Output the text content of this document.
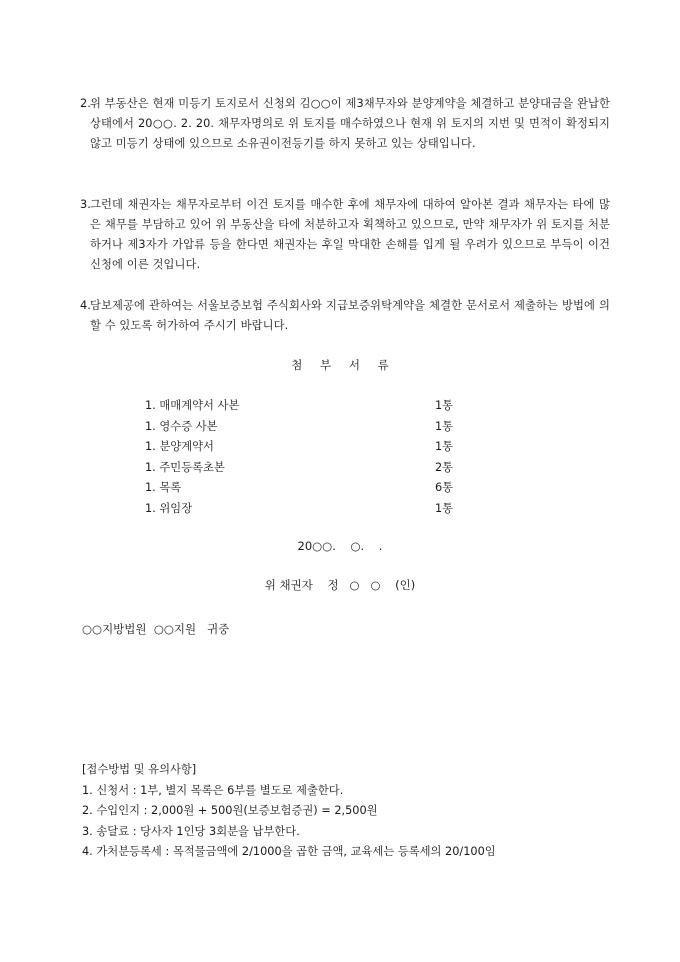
2.위 부동산은 현재 미등기 토지로서 신청외 김○○이 제3채무자와 분양계약을 체결하고 분양대금을 완납한 상태에서 20○○. 2. 20. 채무자명의로 위 토지를 매수하였으나 현재 위 토지의 지번 및 면적이 확정되지 않고 미등기 상태에 있으므로 소유권이전등기를 하지 못하고 있는 상태입니다.
3.그런데 채권자는 채무자로부터 이건 토지를 매수한 후에 채무자에 대하여 알아본 결과 채무자는 타에 많은 채무를 부담하고 있어 위 부동산을 타에 처분하고자 획책하고 있으므로, 만약 채무자가 위 토지를 처분하거나 제3자가 가압류 등을 한다면 채권자는 후일 막대한 손해를 입게 될 우려가 있으므로 부득이 이건 신청에 이른 것입니다.
4.담보제공에 관하여는 서울보증보험 주식회사와 지급보증위탁계약을 체결한 문서로서 제출하는 방법에 의할 수 있도록 허가하여 주시기 바랍니다.
첨 부 서 류
1. 매매계약서 사본	1통
1. 영수증 사본	1통
1. 분양계약서	1통
1. 주민등록초본	2통
1. 목록	6통
1. 위임장	1통
20○○.    ○.    .
위 채권자    정   ○   ○    (인)
○○지방법원  ○○지원   귀중
[접수방법 및 유의사항]
1. 신청서 : 1부, 별지 목록은 6부를 별도로 제출한다.
2. 수입인지 : 2,000원 + 500원(보증보험증권) = 2,500원
3. 송달료 : 당사자 1인당 3회분을 납부한다.
4. 가처분등록세 : 목적물금액에 2/1000을 곱한 금액, 교육세는 등록세의 20/100임
